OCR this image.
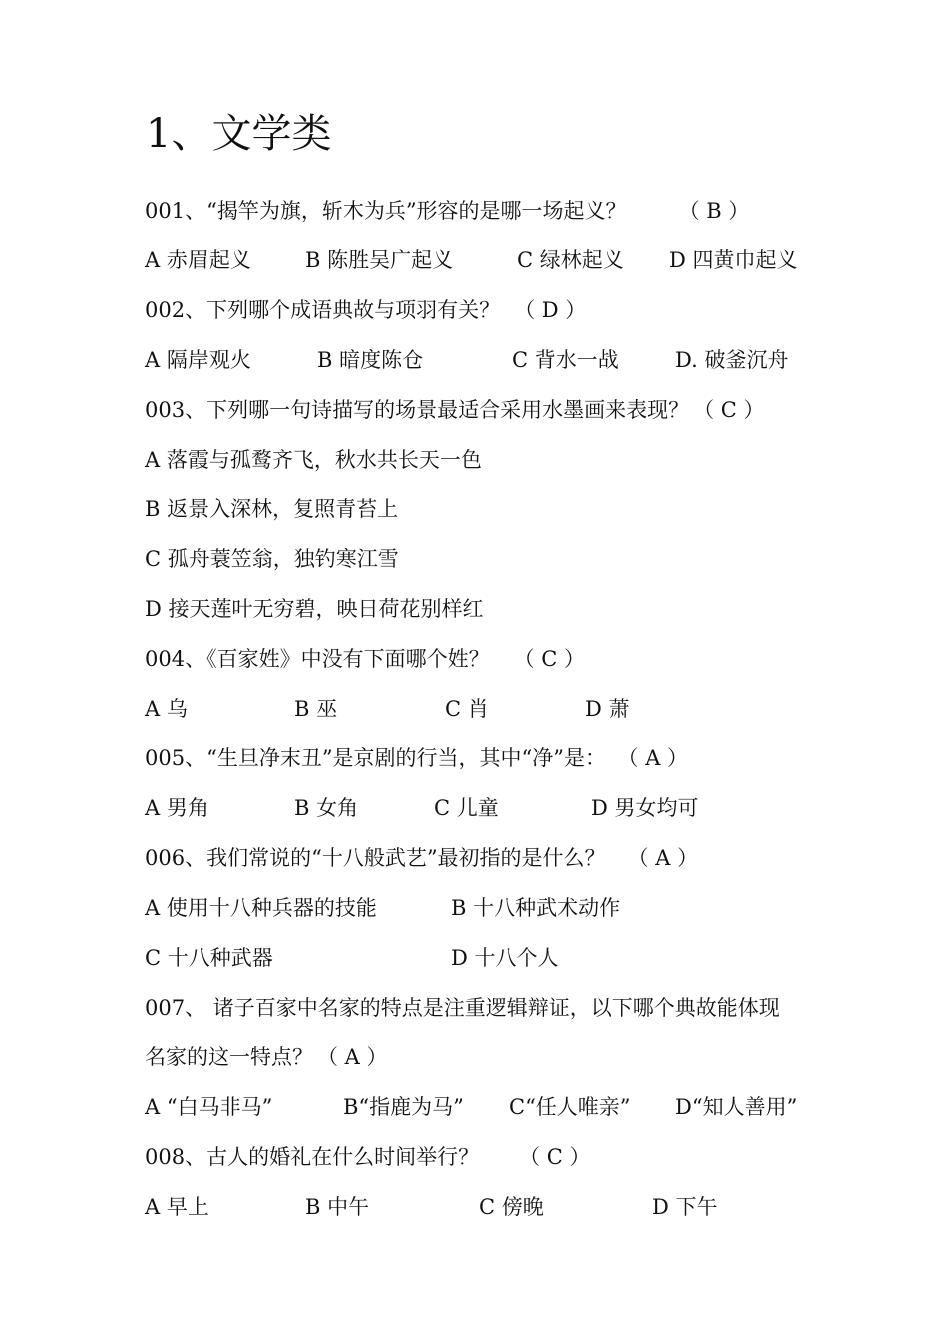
1、文学类
001、“揭竿为旗，斩木为兵”形容的是哪一场起义？ （ B ）
A 赤眉起义	B 陈胜吴广起义	C 绿林起义 D 四黄巾起义
002、下列哪个成语典故与项羽有关？ （ D ）
A 隔岸观火	B 暗度陈仓	C 背水一战	D. 破釜沉舟
003、下列哪一句诗描写的场景最适合采用水墨画来表现？ （ C ）
A 落霞与孤鹜齐飞，秋水共长天一色
B 返景入深林，复照青苔上
C 孤舟蓑笠翁，独钓寒江雪
D 接天莲叶无穷碧，映日荷花别样红
004、《百家姓》中没有下面哪个姓？ （ C ）
A 乌	B 巫	C 肖	D 萧
005、“生旦净末丑”是京剧的行当，其中“净”是： （ A ）
A 男角	B 女角	C 儿童	D 男女均可
006、我们常说的“十八般武艺”最初指的是什么？ （ A ）
A 使用十八种兵器的技能	B 十八种武术动作
C 十八种武器	D 十八个人
007、 诸子百家中名家的特点是注重逻辑辩证，以下哪个典故能体现
名家的这一特点？ （ A ）
A “白马非马”	B“指鹿为马” C“任人唯亲” D“知人善用”
008、古人的婚礼在什么时间举行？ （ C ）
A 早上	B 中午	C 傍晚	D 下午
